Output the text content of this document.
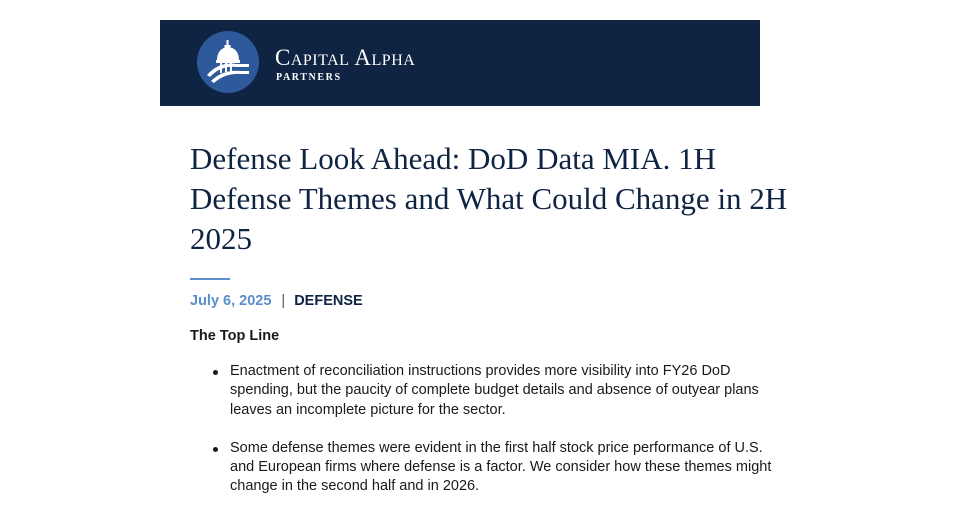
Capital Alpha
PARTNERS
Defense Look Ahead: DoD Data MIA. 1H Defense Themes and What Could Change in 2H 2025
July 6, 2025 | DEFENSE
The Top Line
Enactment of reconciliation instructions provides more visibility into FY26 DoD spending, but the paucity of complete budget details and absence of outyear plans leaves an incomplete picture for the sector.
Some defense themes were evident in the first half stock price performance of U.S. and European firms where defense is a factor. We consider how these themes might change in the second half and in 2026.
